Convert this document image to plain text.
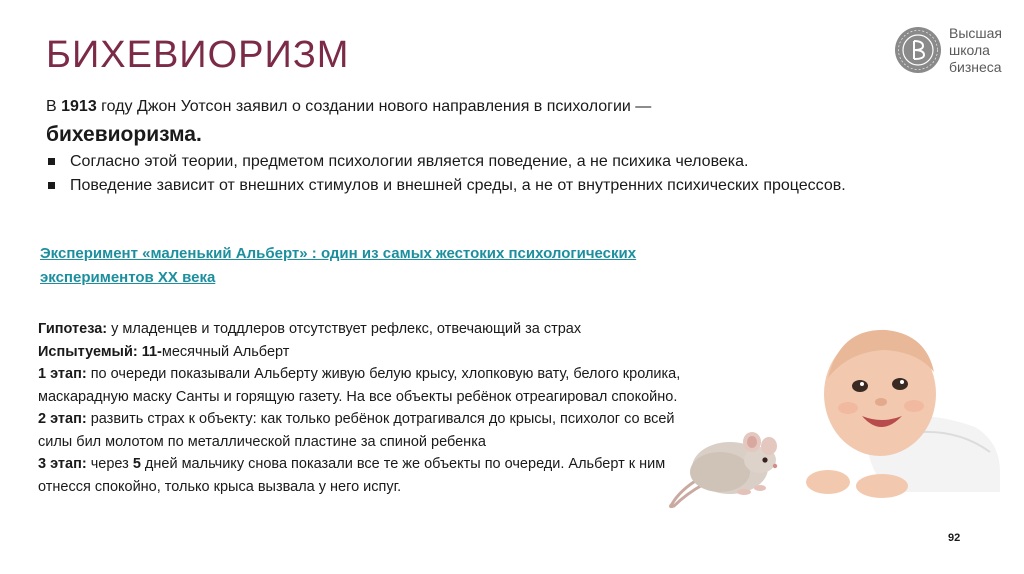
БИХЕВИОРИЗМ
Высшая
школа
бизнеса

В 1913 году Джон Уотсон заявил о создании нового направления в психологии —
бихевиоризма.

Согласно этой теории, предметом психологии является поведение, а не психика человека.
Поведение зависит от внешних стимулов и внешней среды, а не от внутренних психических процессов.
Эксперимент «маленький Альберт» : один из самых жестоких психологических экспериментов XX века

Гипотеза: у младенцев и тоддлеров отсутствует рефлекс, отвечающий за страх

Испытуемый: 11-месячный Альберт

1 этап: по очереди показывали Альберту живую белую крысу, хлопковую вату, белого кролика, маскарадную маску Санты и горящую газету. На все объекты ребёнок отреагировал спокойно.

2 этап: развить страх к объекту: как только ребёнок дотрагивался до крысы, психолог со всей силы бил молотом по металлической пластине за спиной ребенка

3 этап: через 5 дней мальчику снова показали все те же объекты по очереди. Альберт к ним отнесся спокойно, только крыса вызвала у него испуг.

92
